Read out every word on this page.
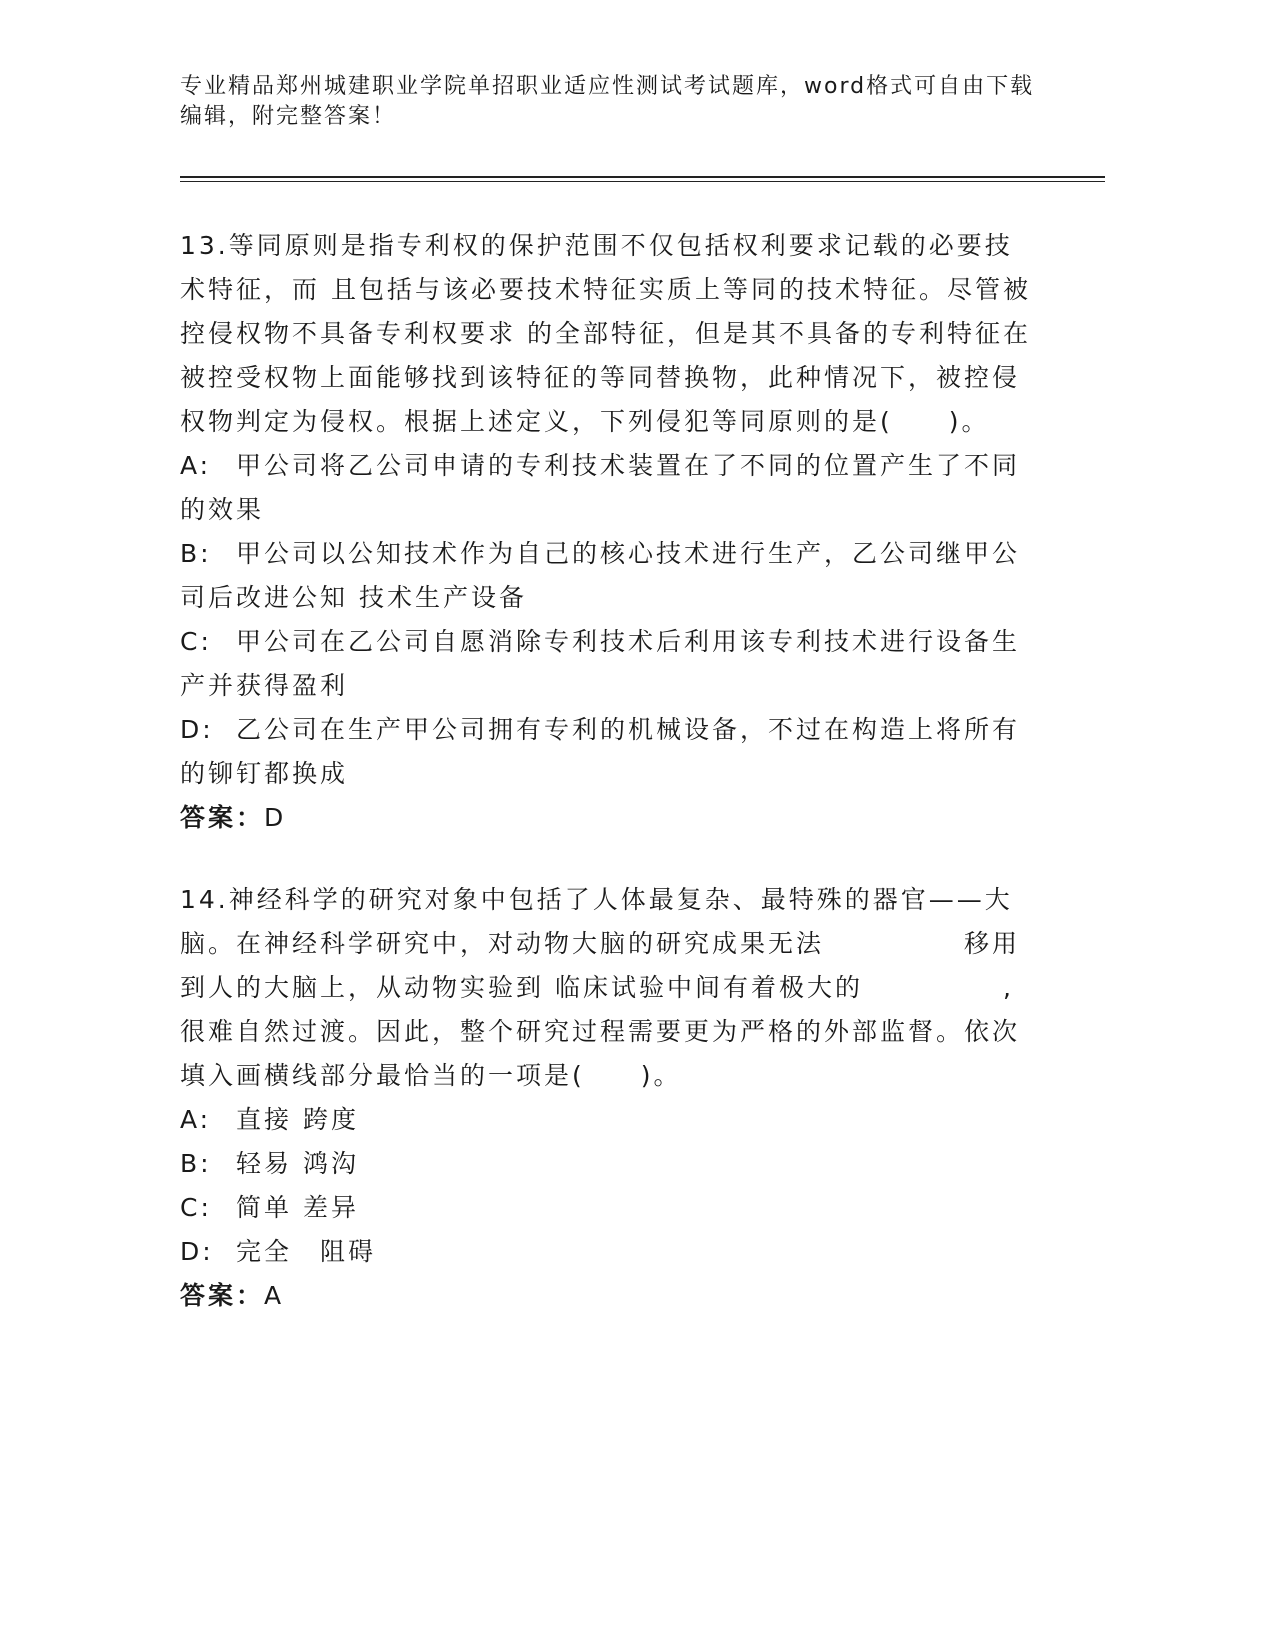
专业精品郑州城建职业学院单招职业适应性测试考试题库，word格式可自由下载编辑，附完整答案！

13.等同原则是指专利权的保护范围不仅包括权利要求记载的必要技术特征，而 且包括与该必要技术特征实质上等同的技术特征。尽管被控侵权物不具备专利权要求 的全部特征，但是其不具备的专利特征在被控受权物上面能够找到该特征的等同替换物，此种情况下，被控侵权物判定为侵权。根据上述定义，下列侵犯等同原则的是(　　)。

A: 甲公司将乙公司申请的专利技术装置在了不同的位置产生了不同的效果

B: 甲公司以公知技术作为自己的核心技术进行生产，乙公司继甲公司后改进公知 技术生产设备

C: 甲公司在乙公司自愿消除专利技术后利用该专利技术进行设备生产并获得盈利

D: 乙公司在生产甲公司拥有专利的机械设备，不过在构造上将所有的铆钉都换成

答案：D

14.神经科学的研究对象中包括了人体最复杂、最特殊的器官——大脑。在神经科学研究中，对动物大脑的研究成果无法　　　　　移用到人的大脑上，从动物实验到 临床试验中间有着极大的　　　　　,很难自然过渡。因此，整个研究过程需要更为严格的外部监督。依次填入画横线部分最恰当的一项是(　　)。

A: 直接 跨度

B: 轻易 鸿沟

C: 简单 差异

D: 完全　阻碍

答案：A
